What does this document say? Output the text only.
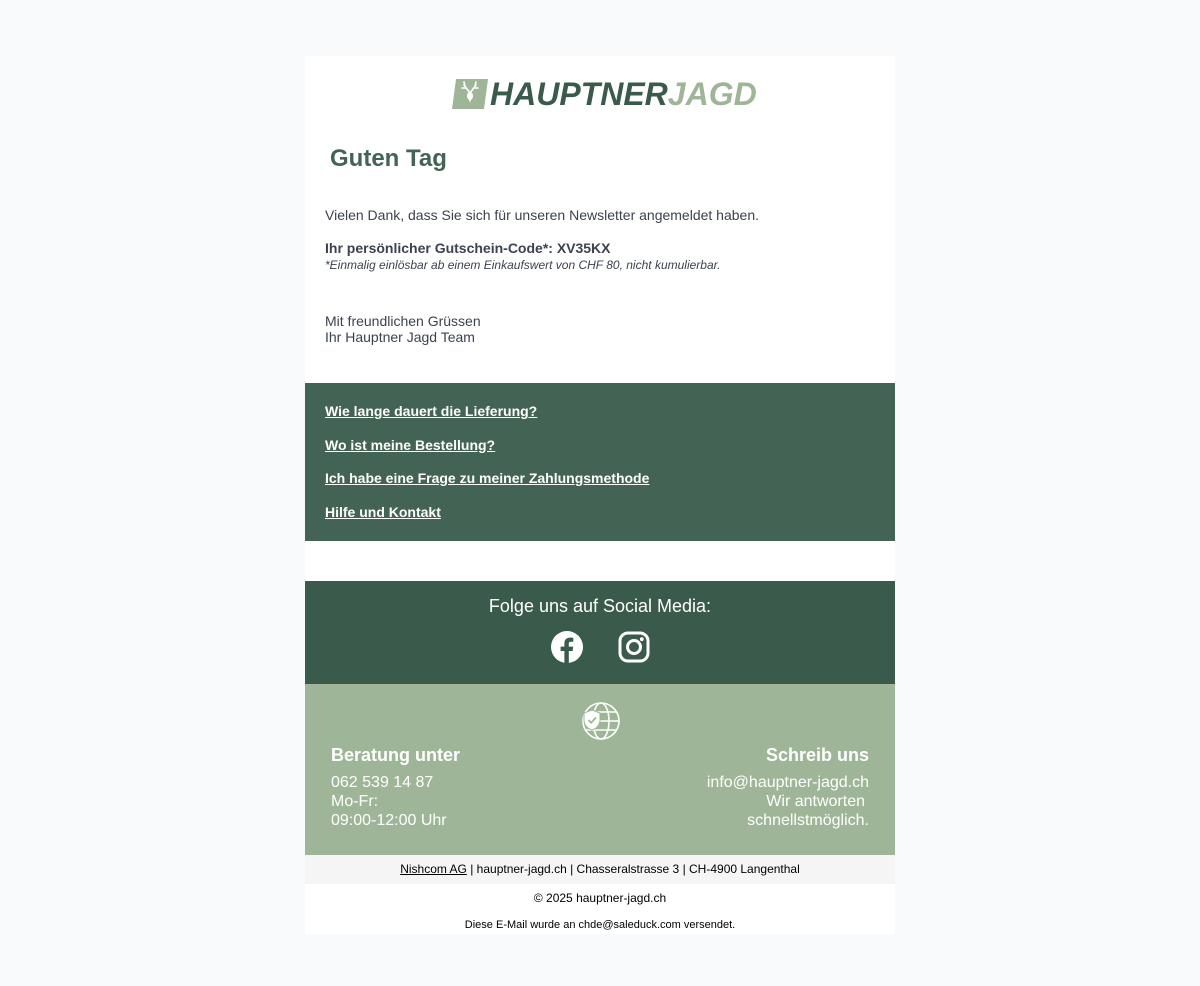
HAUPTNERJAGD
Guten Tag

Vielen Dank, dass Sie sich für unseren Newsletter angemeldet haben.

Ihr persönlicher Gutschein-Code*: XV35KX

*Einmalig einlösbar ab einem Einkaufswert von CHF 80, nicht kumulierbar.

Mit freundlichen Grüssen

Ihr Hauptner Jagd Team

Wie lange dauert die Lieferung?
Wo ist meine Bestellung?
Ich habe eine Frage zu meiner Zahlungsmethode
Hilfe und Kontakt
Folge uns auf Social Media:
Beratung unter
062 539 14 87
Mo-Fr:
09:00-12:00 Uhr
Schreib uns
info@hauptner-jagd.ch
Wir antworten
schnellstmöglich.
Nishcom AG | hauptner-jagd.ch | Chasseralstrasse 3 | CH-4900 Langenthal
© 2025 hauptner-jagd.ch
Diese E-Mail wurde an chde@saleduck.com versendet.
